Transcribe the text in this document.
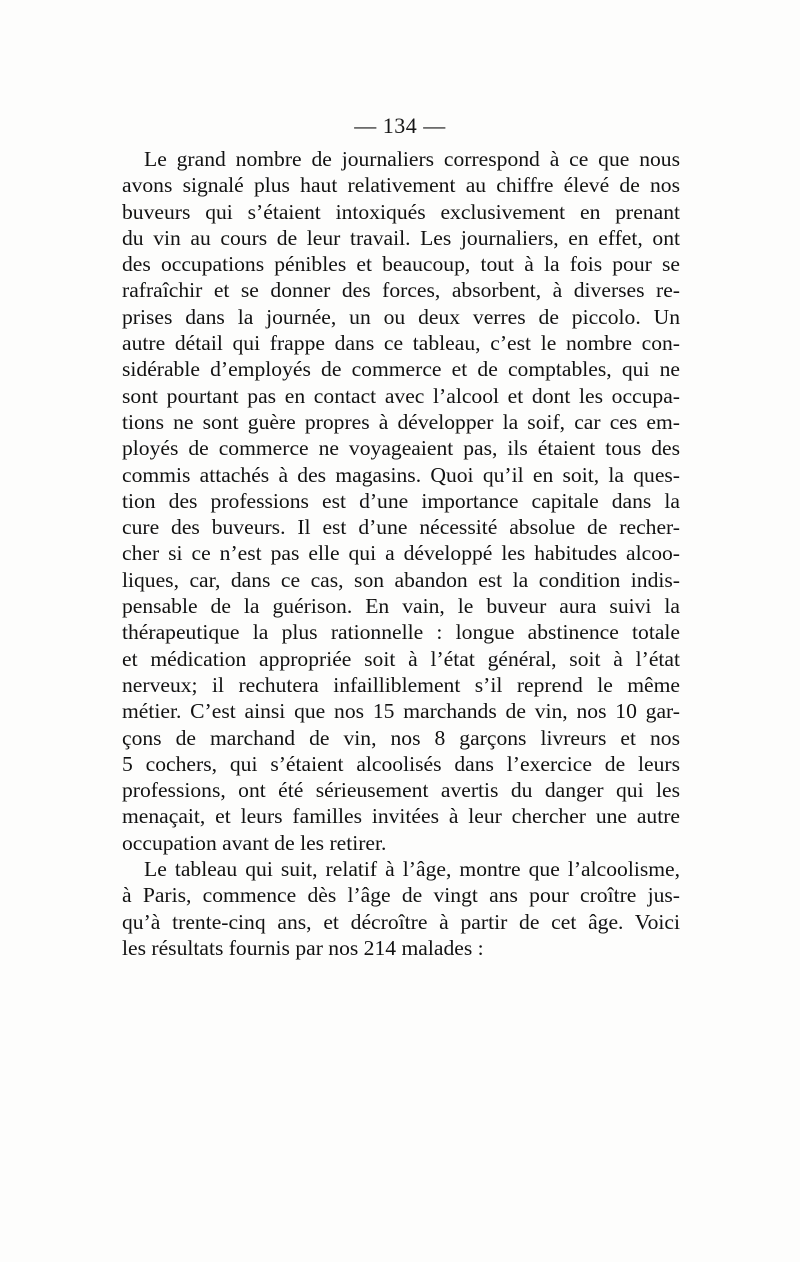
— 134 —
Le grand nombre de journaliers correspond à ce que nous
avons signalé plus haut relativement au chiffre élevé de nos
buveurs qui s’étaient intoxiqués exclusivement en prenant
du vin au cours de leur travail. Les journaliers, en effet, ont
des occupations pénibles et beaucoup, tout à la fois pour se
rafraîchir et se donner des forces, absorbent, à diverses re-
prises dans la journée, un ou deux verres de piccolo. Un
autre détail qui frappe dans ce tableau, c’est le nombre con-
sidérable d’employés de commerce et de comptables, qui ne
sont pourtant pas en contact avec l’alcool et dont les occupa-
tions ne sont guère propres à développer la soif, car ces em-
ployés de commerce ne voyageaient pas, ils étaient tous des
commis attachés à des magasins. Quoi qu’il en soit, la ques-
tion des professions est d’une importance capitale dans la
cure des buveurs. Il est d’une nécessité absolue de recher-
cher si ce n’est pas elle qui a développé les habitudes alcoo-
liques, car, dans ce cas, son abandon est la condition indis-
pensable de la guérison. En vain, le buveur aura suivi la
thérapeutique la plus rationnelle : longue abstinence totale
et médication appropriée soit à l’état général, soit à l’état
nerveux; il rechutera infailliblement s’il reprend le même
métier. C’est ainsi que nos 15 marchands de vin, nos 10 gar-
çons de marchand de vin, nos 8 garçons livreurs et nos
5 cochers, qui s’étaient alcoolisés dans l’exercice de leurs
professions, ont été sérieusement avertis du danger qui les
menaçait, et leurs familles invitées à leur chercher une autre
occupation avant de les retirer.
Le tableau qui suit, relatif à l’âge, montre que l’alcoolisme,
à Paris, commence dès l’âge de vingt ans pour croître jus-
qu’à trente-cinq ans, et décroître à partir de cet âge. Voici
les résultats fournis par nos 214 malades :
